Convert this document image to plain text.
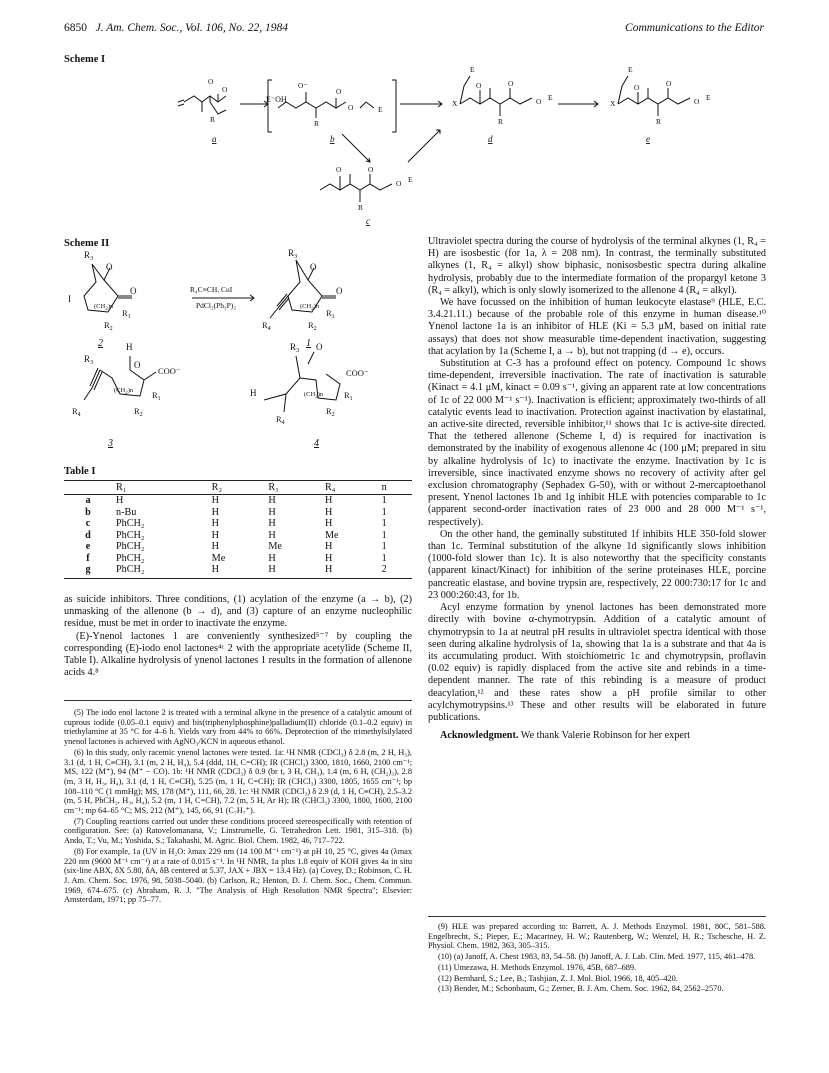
6850 J. Am. Chem. Soc., Vol. 106, No. 22, 1984	Communications to the Editor
Scheme I
E⁻OH
O
O
R
O⁻
R
O
O	E
X
E
O	O
R
O E
X
E
O	O
R
O E
O	O
R
O E
a	b
c
d	e
Scheme II
$R_3$
O
O
I
$(CH_2)n$
$R_1$
$R_2$
R₄C≡CH, CuI
PdCl₂(Ph₃P)₂
$R_3$
O
O
$(CH_2)n$
$R_1$
$R_2$
$R_4$
H
$R_3$	O
COO⁻
$(CH_2)n$ $R_1$
$R_2$
$R_4$
$R_3$ O
COO⁻
H	$(CH_2)n$ $R_1$
$R_2$
$R_4$
2	1
3	4
Table I
	R₁	R₂	R₃	R₄	n
a	H	H	H	H	1
b	n-Bu	H	H	H	1
c	PhCH₂	H	H	H	1
d	PhCH₂	H	H	Me	1
e	PhCH₂	H	Me	H	1
f	PhCH₂	Me	H	H	1
g	PhCH₂	H	H	H	2

as suicide inhibitors. Three conditions, (1) acylation of the enzyme (a → b), (2) unmasking of the allenone (b → d), and (3) capture of an enzyme nucleophilic residue, must be met in order to inactivate the enzyme.

(E)-Ynenol lactones 1 are conveniently synthesized⁵⁻⁷ by coupling the corresponding (E)-iodo enol lactones⁴ᶜ 2 with the appropriate acetylide (Scheme II, Table I). Alkaline hydrolysis of ynenol lactones 1 results in the formation of allenone acids 4.⁸

(5) The iodo enol lactone 2 is treated with a terminal alkyne in the presence of a catalytic amount of cuprous iodide (0.05–0.1 equiv) and bis(triphenylphosphine)palladium(II) chloride (0.1–0.2 equiv) in triethylamine at 35 °C for 4–6 h. Yields vary from 44% to 66%. Deprotection of the trimethylsilylated ynenol lactones is achieved with AgNO₃/KCN in aqueous ethanol.

(6) In this study, only racemic ynenol lactones were tested. 1a: ¹H NMR (CDCl₃) δ 2.8 (m, 2 H, H₃), 3.1 (d, 1 H, C≡CH), 3.1 (m, 2 H, H₄), 5.4 (ddd, 1H, C=CH); IR (CHCl₃) 3300, 1810, 1660, 2100 cm⁻¹; MS, 122 (M⁺), 94 (M⁺ − CO). 1b: ¹H NMR (CDCl₃) δ 0.9 (br t, 3 H, CH₃), 1.4 (m, 6 H, (CH₂)₃), 2.8 (m, 3 H, H₃, H₄), 3.1 (d, 1 H, C≡CH), 5.25 (m, 1 H, C=CH); IR (CHCl₃) 3300, 1805, 1655 cm⁻¹; bp 108–110 °C (1 mmHg); MS, 178 (M⁺), 111, 66, 28. 1c: ¹H NMR (CDCl₃) δ 2.9 (d, 1 H, C≡CH), 2.5–3.2 (m, 5 H, PhCH₂, H₃, H₄), 5.2 (m, 1 H, C=CH), 7.2 (m, 5 H, Ar H); IR (CHCl₃) 3300, 1800, 1600, 2100 cm⁻¹; mp 64–65 °C; MS, 212 (M⁺), 145, 66, 91 (C₇H₇⁺).

(7) Coupling reactions carried out under these conditions proceed stereospecifically with retention of configuration. See: (a) Ratovelomanana, V.; Linstrumelle, G. Tetrahedron Lett. 1981, 315–318. (b) Ando, T.; Vu, M.; Yoshida, S.; Takahashi, M. Agric. Biol. Chem. 1982, 46, 717–722.

(8) For example, 1a (UV in H₂O: λmax 229 nm (14 100 M⁻¹ cm⁻¹) at pH 10, 25 °C, gives 4a (λmax 220 nm (9600 M⁻¹ cm⁻¹) at a rate of 0.015 s⁻¹. In ¹H NMR, 1a plus 1.8 equiv of KOH gives 4a in situ (six-line ABX, δX 5.80, δA, δB centered at 5.37, JAX + JBX = 13.4 Hz). (a) Covey, D.; Robinson, C. H. J. Am. Chem. Soc. 1976, 98, 5038–5040. (b) Carlson, R.; Henton, D. J. Chem. Soc., Chem. Commun. 1969, 674–675. (c) Abraham, R. J. "The Analysis of High Resolution NMR Spectra"; Elsevier: Amsterdam, 1971; pp 75–77.

Ultraviolet spectra during the course of hydrolysis of the terminal alkynes (1, R₄ = H) are isosbestic (for 1a, λ = 208 nm). In contrast, the terminally substituted alkynes (1, R₄ = alkyl) show biphasic, nonisosbestic spectra during alkaline hydrolysis, probably due to the intermediate formation of the propargyl ketone 3 (R₄ = alkyl), which is only slowly isomerized to the allenone 4 (R₄ = alkyl).

We have focussed on the inhibition of human leukocyte elastase⁹ (HLE, E.C. 3.4.21.11.) because of the probable role of this enzyme in human disease.¹⁰ Ynenol lactone 1a is an inhibitor of HLE (Ki = 5.3 μM, based on initial rate assays) that does not show measurable time-dependent inactivation, suggesting that acylation by 1a (Scheme I, a → b), but not trapping (d → e), occurs.

Substitution at C-3 has a profound effect on potency. Compound 1c shows time-dependent, irreversible inactivation. The rate of inactivation is saturable (Kinact = 4.1 μM, kinact = 0.09 s⁻¹, giving an apparent rate at low concentrations of 1c of 22 000 M⁻¹ s⁻¹). Inactivation is efficient; approximately two-thirds of all catalytic events lead to inactivation. Protection against inactivation by elastatinal, an active-site directed, reversible inhibitor,¹¹ shows that 1c is active-site directed. That the tethered allenone (Scheme I, d) is required for inactivation is demonstrated by the inability of exogenous allenone 4c (100 μM; prepared in situ by alkaline hydrolysis of 1c) to inactivate the enzyme. Inactivation by 1c is irreversible, since inactivated enzyme shows no recovery of activity after gel exclusion chromatography (Sephadex G-50), with or without 2-mercaptoethanol present. Ynenol lactones 1b and 1g inhibit HLE with potencies comparable to 1c (apparent second-order inactivation rates of 23 000 and 28 000 M⁻¹ s⁻¹, respectively).

On the other hand, the geminally substituted 1f inhibits HLE 350-fold slower than 1c. Terminal substitution of the alkyne 1d significantly slows inhibition (1000-fold slower than 1c). It is also noteworthy that the specificity constants (apparent kinact/Kinact) for inhibition of the serine proteinases HLE, porcine pancreatic elastase, and bovine trypsin are, respectively, 22 000:730:17 for 1c and 23 000:260:43, for 1b.

Acyl enzyme formation by ynenol lactones has been demonstrated more directly with bovine α-chymotrypsin. Addition of a catalytic amount of chymotrypsin to 1a at neutral pH results in ultraviolet spectra identical with those seen during alkaline hydrolysis of 1a, showing that 1a is a substrate and that 4a is its accumulating product. With stoichiometric 1c and chymotrypsin, proflavin (0.02 equiv) is rapidly displaced from the active site and rebinds in a time-dependent manner. The rate of this rebinding is a measure of product deacylation,¹² and these rates show a pH profile similar to other acylchymotrypsins.¹³ These and other results will be elaborated in future publications.

Acknowledgment. We thank Valerie Robinson for her expert

(9) HLE was prepared according to: Barrett, A. J. Methods Enzymol. 1981, 80C, 581–588. Engelbrecht, S.; Pieper, E.; Macartney, H. W.; Rautenberg, W.; Wenzel, H. R.; Tschesche, H. Z. Physiol. Chem. 1982, 363, 305–315.

(10) (a) Janoff, A. Chest 1983, 83, 54–58. (b) Janoff, A. J. Lab. Clin. Med. 1977, 115, 461–478.

(11) Umezawa, H. Methods Enzymol. 1976, 45B, 687–689.

(12) Bernhard, S.; Lee, B.; Tashjian, Z. J. Mol. Biol. 1966, 18, 405–420.

(13) Bender, M.; Schonbaum, G.; Zerner, B. J. Am. Chem. Soc. 1962, 84, 2562–2570.
